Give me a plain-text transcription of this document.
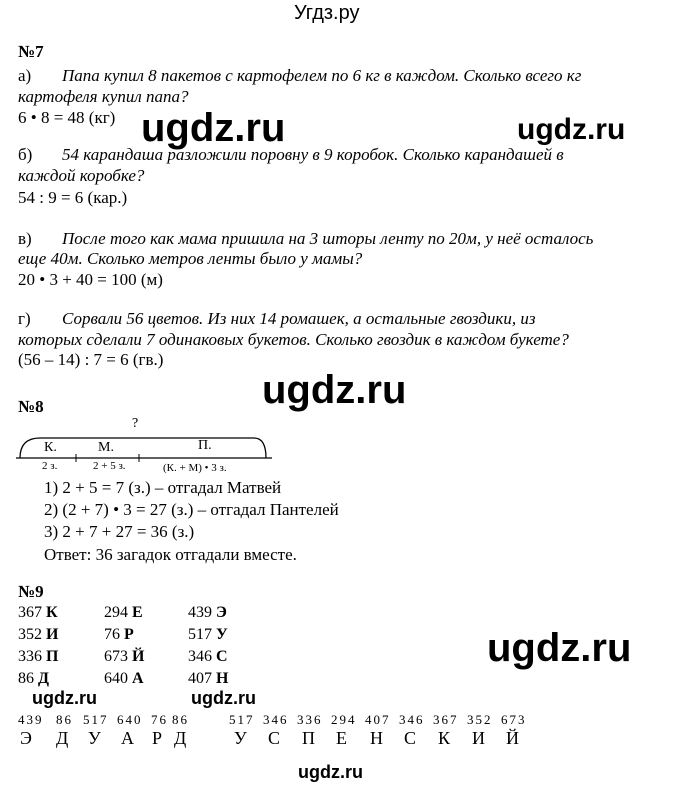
Угдз.ру
ugdz.ru	ugdz.ru
ugdz.ru
ugdz.ru
ugdz.ru	ugdz.ru
ugdz.ru
№7
а) Папа купил 8 пакетов с картофелем по 6 кг в каждом. Сколько всего кг
картофеля купил папа?
6 • 8 = 48 (кг)
б) 54 карандаша разложили поровну в 9 коробок. Сколько карандашей в
каждой коробке?
54 : 9 = 6 (кар.)
в) После того как мама пришила на 3 шторы ленту по 20м, у неё осталось
еще 40м. Сколько метров ленты было у мамы?
20 • 3 + 40 = 100 (м)
г) Сорвали 56 цветов. Из них 14 ромашек, а остальные гвоздики, из
которых сделали 7 одинаковых букетов. Сколько гвоздик в каждом букете?
(56 – 14) : 7 = 6 (гв.)
№8
?
К.	М.	П.
2 з.	2 + 5 з.	(К. + М) • 3 з.
1) 2 + 5 = 7 (з.) – отгадал Матвей
2) (2 + 7) • 3 = 27 (з.) – отгадал Пантелей
3) 2 + 7 + 27 = 36 (з.)
Ответ: 36 загадок отгадали вместе.
№9
367 К	294 Е	439 Э
352 И	76 Р	517 У
336 П	673 Й	346 С
86 Д	640 А	407 Н
439 86 517 640 76 86	517 346 336 294 407 346 367 352 673
Э Д У А Р Д У С П Е Н С К И Й
